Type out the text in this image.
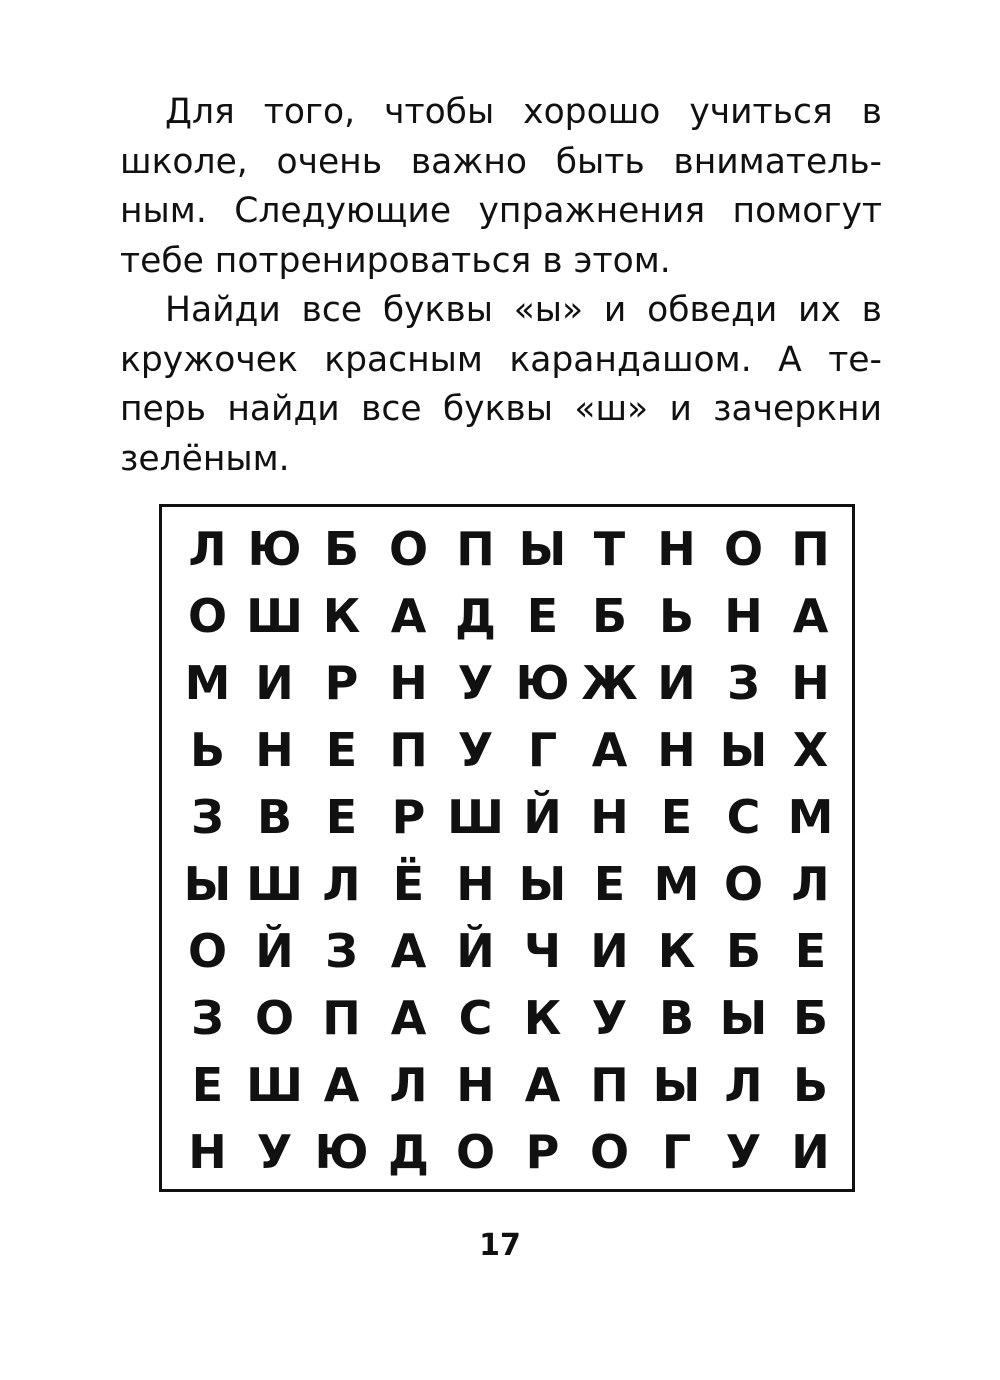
Для того, чтобы хорошо учиться в
школе, очень важно быть вниматель-
ным. Следующие упражнения помогут
тебе потренироваться в этом.

Найди все буквы «ы» и обведи их в
кружочек красным карандашом. А те-
перь найди все буквы «ш» и зачеркни
зелёным.

Л Ю Б О П Ы Т Н О П
О Ш К А Д Е Б Ь Н А
М И Р Н У Ю Ж И З Н
Ь Н Е П У Г А Н Ы Х
З В Е Р Ш Й Н Е С М
Ы Ш Л Ё Н Ы Е М О Л
О Й З А Й Ч И К Б Е
З О П А С К У В Ы Б
Е Ш А Л Н А П Ы Л Ь
Н У Ю Д О Р О Г У И
17
